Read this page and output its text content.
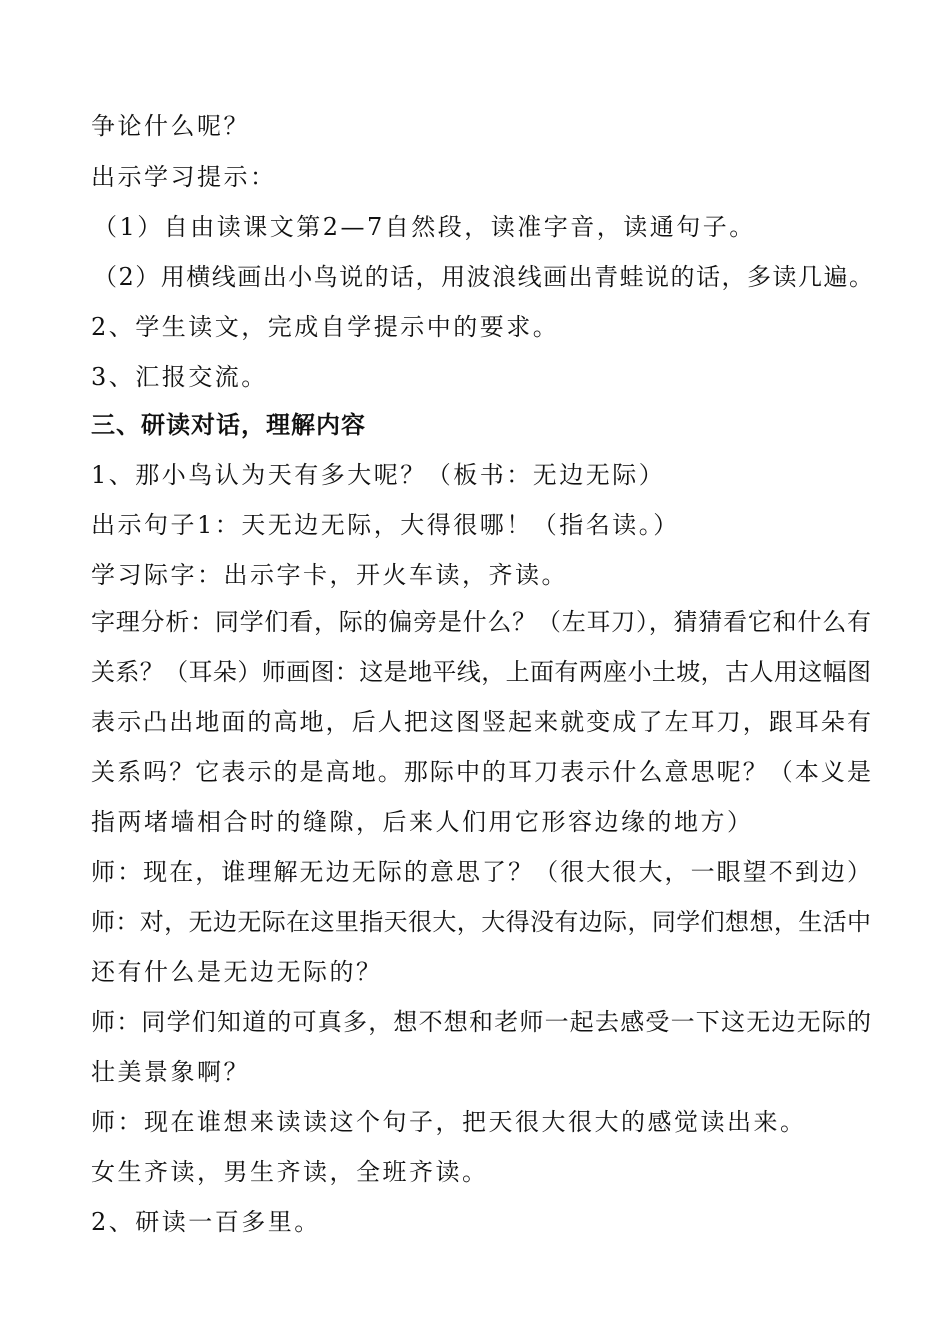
争论什么呢？
出示学习提示：
（1）自由读课文第2—7自然段，读准字音，读通句子。
（2）用横线画出小鸟说的话，用波浪线画出青蛙说的话，多读几遍。
2、学生读文，完成自学提示中的要求。
3、汇报交流。
三、研读对话，理解内容
1、那小鸟认为天有多大呢？（板书：无边无际）
出示句子1：天无边无际，大得很哪！（指名读。）
学习际字：出示字卡，开火车读，齐读。
字理分析：同学们看，际的偏旁是什么？（左耳刀），猜猜看它和什么有
关系？（耳朵）师画图：这是地平线，上面有两座小土坡，古人用这幅图
表示凸出地面的高地，后人把这图竖起来就变成了左耳刀，跟耳朵有
关系吗？它表示的是高地。那际中的耳刀表示什么意思呢？（本义是
指两堵墙相合时的缝隙，后来人们用它形容边缘的地方）
师：现在，谁理解无边无际的意思了？（很大很大，一眼望不到边）
师：对，无边无际在这里指天很大，大得没有边际，同学们想想，生活中
还有什么是无边无际的？
师：同学们知道的可真多，想不想和老师一起去感受一下这无边无际的
壮美景象啊？
师：现在谁想来读读这个句子，把天很大很大的感觉读出来。
女生齐读，男生齐读，全班齐读。
2、研读一百多里。
